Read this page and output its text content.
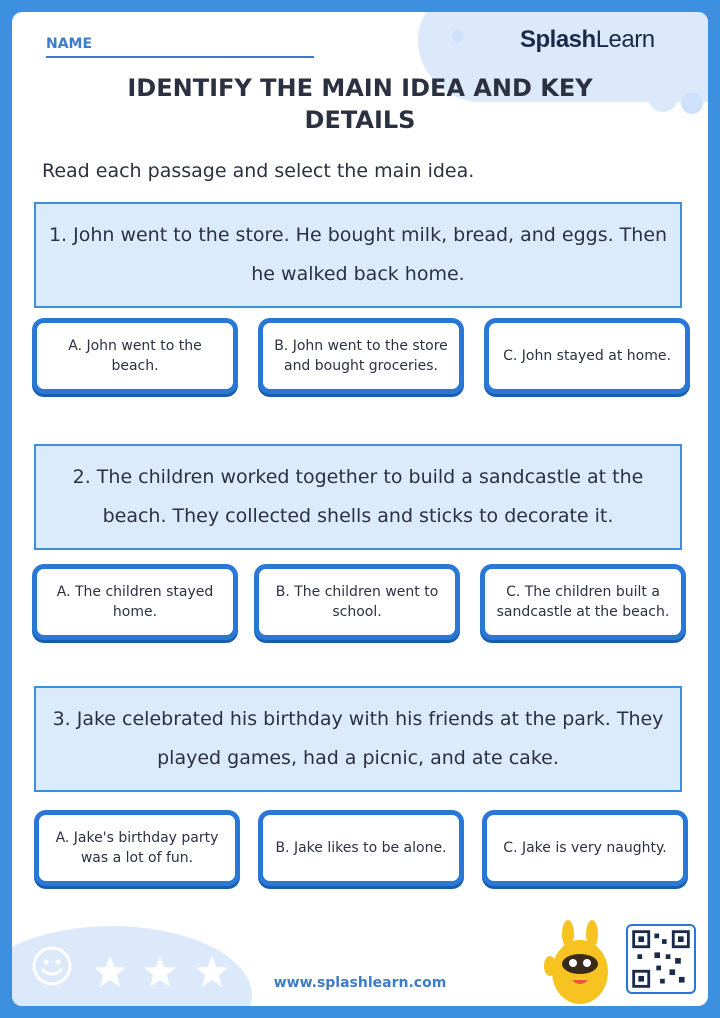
NAME	SplashLearn
IDENTIFY THE MAIN IDEA AND KEY DETAILS
Read each passage and select the main idea.
1. John went to the store. He bought milk, bread, and eggs. Then he walked back home.
A. John went to the beach.
B. John went to the store and bought groceries.
C. John stayed at home.
2. The children worked together to build a sandcastle at the beach. They collected shells and sticks to decorate it.
A. The children stayed home.
B. The children went to school.
C. The children built a sandcastle at the beach.
3. Jake celebrated his birthday with his friends at the park. They played games, had a picnic, and ate cake.
A. Jake's birthday party was a lot of fun.
B. Jake likes to be alone.	C. Jake is very naughty.
www.splashlearn.com
